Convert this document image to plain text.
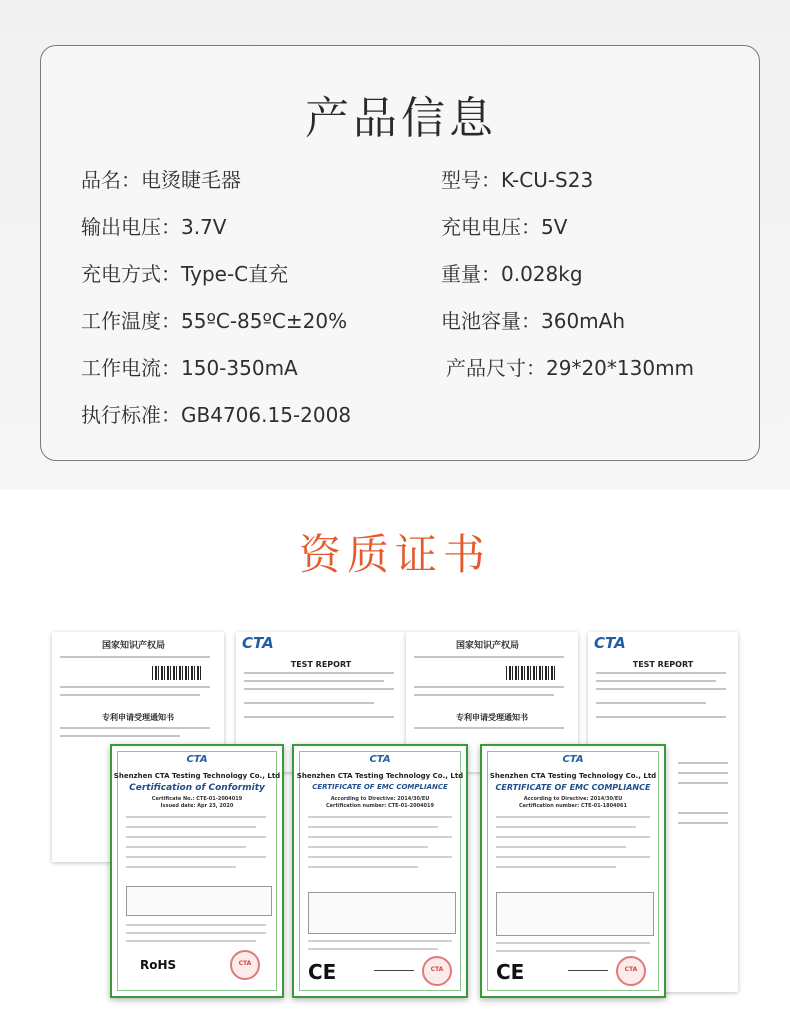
产品信息
品名：电烫睫毛器	型号：K-CU-S23
输出电压：3.7V	充电电压：5V
充电方式：Type-C直充	重量：0.028kg
工作温度：55ºC-85ºC±20%	电池容量：360mAh
工作电流：150-350mA	产品尺寸：29*20*130mm
执行标准：GB4706.15-2008
资质证书
国家知识产权局
专利申请受理通知书
CTA
TEST REPORT
国家知识产权局
专利申请受理通知书
CTA
TEST REPORT
CTA
Shenzhen CTA Testing Technology Co., Ltd
Certification of Conformity
Certificate No.: CTE-01-2004019
Issued date: Apr 23, 2020
RoHS	CTA
CTA
Shenzhen CTA Testing Technology Co., Ltd
CERTIFICATE OF EMC COMPLIANCE
According to Directive: 2014/30/EU
Certification number: CTE-01-2004019
CE	CTA
CTA
Shenzhen CTA Testing Technology Co., Ltd
CERTIFICATE OF EMC COMPLIANCE
According to Directive: 2014/30/EU
Certification number: CTE-01-1804061
CE	CTA
